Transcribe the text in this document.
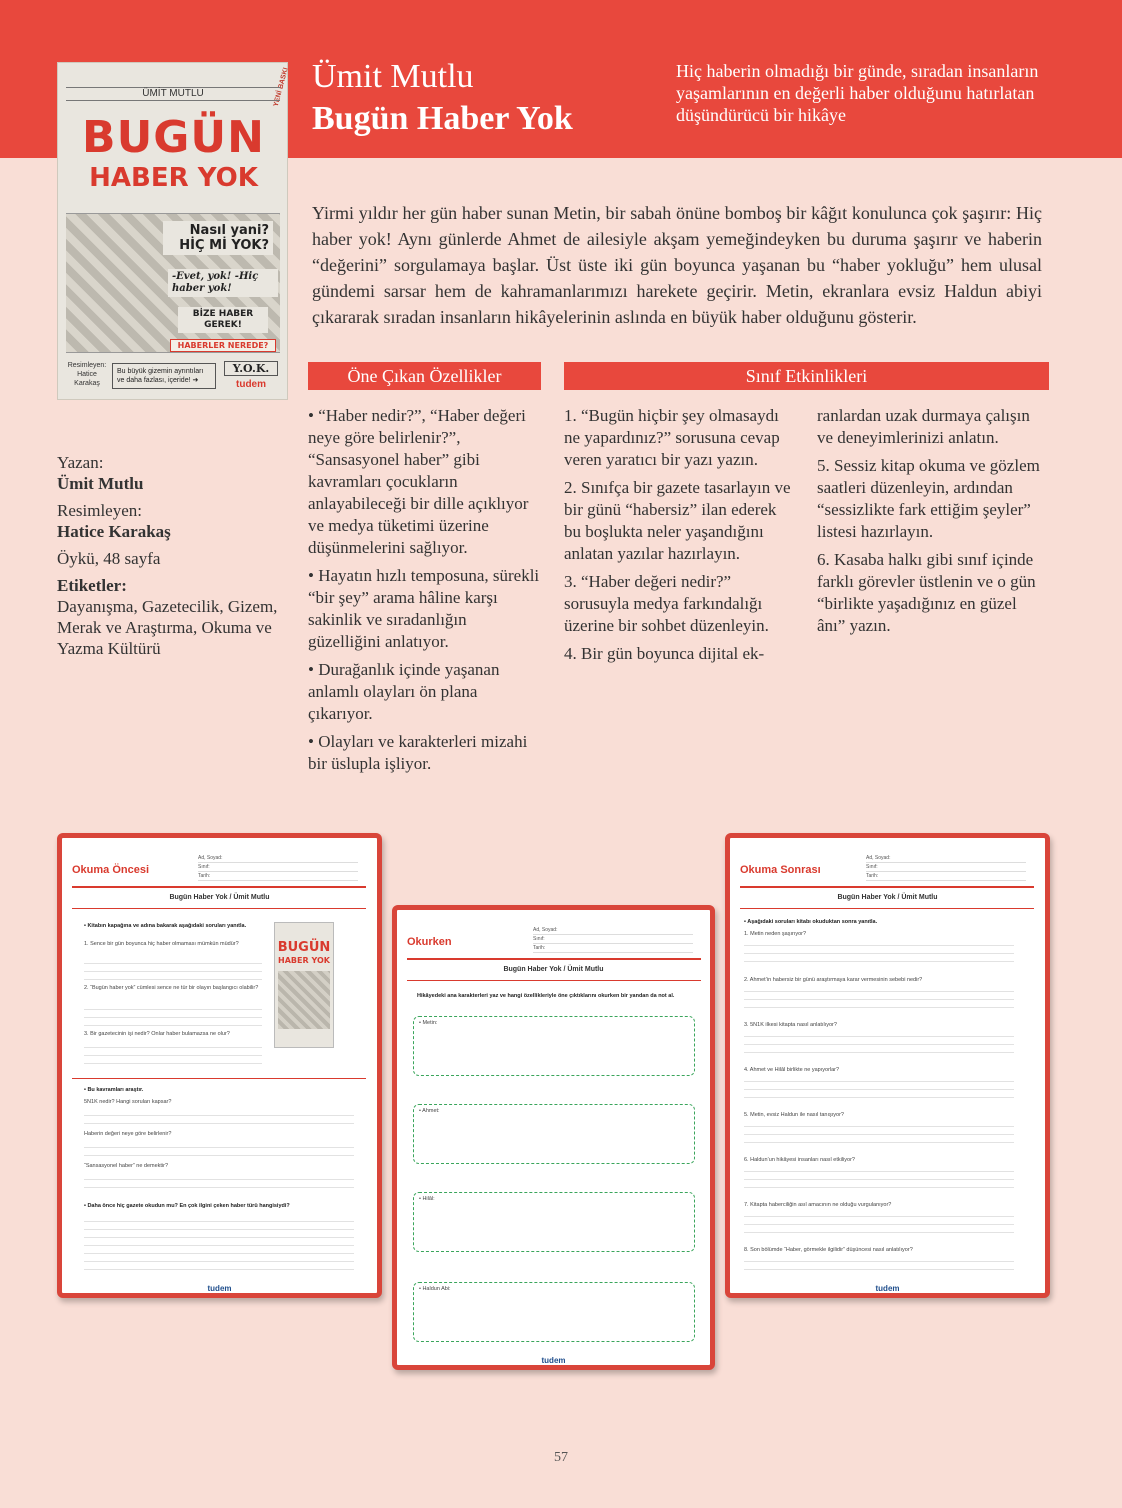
Ümit Mutlu
Bugün Haber Yok
Hiç haberin olmadığı bir günde, sıradan insanların yaşamlarının en değerli haber olduğunu hatırlatan düşündürücü bir hikâye
YENİ BASKI
ÜMİT MUTLU
BUGÜN
HABER YOK
Nasıl yani? HİÇ Mİ YOK?
-Evet, yok! -Hiç haber yok!
BİZE HABER GEREK!
HABERLER NEREDE?
Resimleyen: Hatice Karakaş
Bu büyük gizemin ayrıntıları ve daha fazlası, içeride! ➜
Y.O.K.
tudem
Yirmi yıldır her gün haber sunan Metin, bir sabah önüne bomboş bir kâğıt konulunca çok şaşırır: Hiç haber yok! Aynı günlerde Ahmet de ailesiyle akşam yemeğindeyken bu duruma şaşırır ve haberin “değerini” sorgulamaya başlar. Üst üste iki gün boyunca yaşanan bu “haber yokluğu” hem ulusal gündemi sarsar hem de kahramanlarımızı harekete geçirir. Metin, ekranlara evsiz Haldun abiyi çıkararak sıradan insanların hikâyelerinin aslında en büyük haber olduğunu gösterir.
Yazan:
Ümit Mutlu
Resimleyen:
Hatice Karakaş
Öykü, 48 sayfa
Etiketler:
Dayanışma, Gazetecilik, Gizem, Merak ve Araştırma, Okuma ve Yazma Kültürü
Öne Çıkan Özellikler

• “Haber nedir?”, “Haber değeri neye göre belirlenir?”, “Sansasyonel haber” gibi kavramları çocukların anlayabileceği bir dille açıklıyor ve medya tüketimi üzerine düşünmelerini sağlıyor.

• Hayatın hızlı temposuna, sürekli “bir şey” arama hâline karşı sakinlik ve sıradanlığın güzelliğini anlatıyor.

• Durağanlık içinde yaşanan anlamlı olayları ön plana çıkarıyor.

• Olayları ve karakterleri mizahi bir üslupla işliyor.

Sınıf Etkinlikleri

1. “Bugün hiçbir şey olmasaydı ne yapardınız?” sorusuna cevap veren yaratıcı bir yazı yazın.

2. Sınıfça bir gazete tasarlayın ve bir günü “habersiz” ilan ederek bu boşlukta neler yaşandığını anlatan yazılar hazırlayın.

3. “Haber değeri nedir?” sorusuyla medya farkındalığı üzerine bir sohbet düzenleyin.

4. Bir gün boyunca dijital ek-

ranlardan uzak durmaya çalışın ve deneyimlerinizi anlatın.

5. Sessiz kitap okuma ve gözlem saatleri düzenleyin, ardından “sessizlikte fark ettiğim şeyler” listesi hazırlayın.

6. Kasaba halkı gibi sınıf içinde farklı görevler üstlenin ve o gün “birlikte yaşadığınız en güzel ânı” yazın.

Okuma Öncesi
Ad, Soyad:
Sınıf:
Tarih:
Bugün Haber Yok / Ümit Mutlu
• Kitabın kapağına ve adına bakarak aşağıdaki soruları yanıtla.
1. Sence bir gün boyunca hiç haber olmaması mümkün müdür?
2. “Bugün haber yok” cümlesi sence ne tür bir olayın başlangıcı olabilir?
3. Bir gazetecinin işi nedir? Onlar haber bulamazsa ne olur?
BUGÜN
HABER YOK
• Bu kavramları araştır.
5N1K nedir? Hangi soruları kapsar?
Haberin değeri neye göre belirlenir?
“Sansasyonel haber” ne demektir?
• Daha önce hiç gazete okudun mu? En çok ilgini çeken haber türü hangisiydi?
tudem
Okurken
Ad, Soyad:
Sınıf:
Tarih:
Bugün Haber Yok / Ümit Mutlu
Hikâyedeki ana karakterleri yaz ve hangi özellikleriyle öne çıktıklarını okurken bir yandan da not al.
• Metin:
• Ahmet:
• Hilâl:
• Haldun Abi:
tudem
Okuma Sonrası
Ad, Soyad:
Sınıf:
Tarih:
Bugün Haber Yok / Ümit Mutlu
• Aşağıdaki soruları kitabı okuduktan sonra yanıtla.
1. Metin neden şaşırıyor?
2. Ahmet’in habersiz bir günü araştırmaya karar vermesinin sebebi nedir?
3. 5N1K ilkesi kitapta nasıl anlatılıyor?
4. Ahmet ve Hilâl birlikte ne yapıyorlar?
5. Metin, evsiz Haldun ile nasıl tanışıyor?
6. Haldun’un hikâyesi insanları nasıl etkiliyor?
7. Kitapta haberciliğin asıl amacının ne olduğu vurgulanıyor?
8. Son bölümde “Haber, görmekle ilgilidir” düşüncesi nasıl anlatılıyor?
tudem
57
